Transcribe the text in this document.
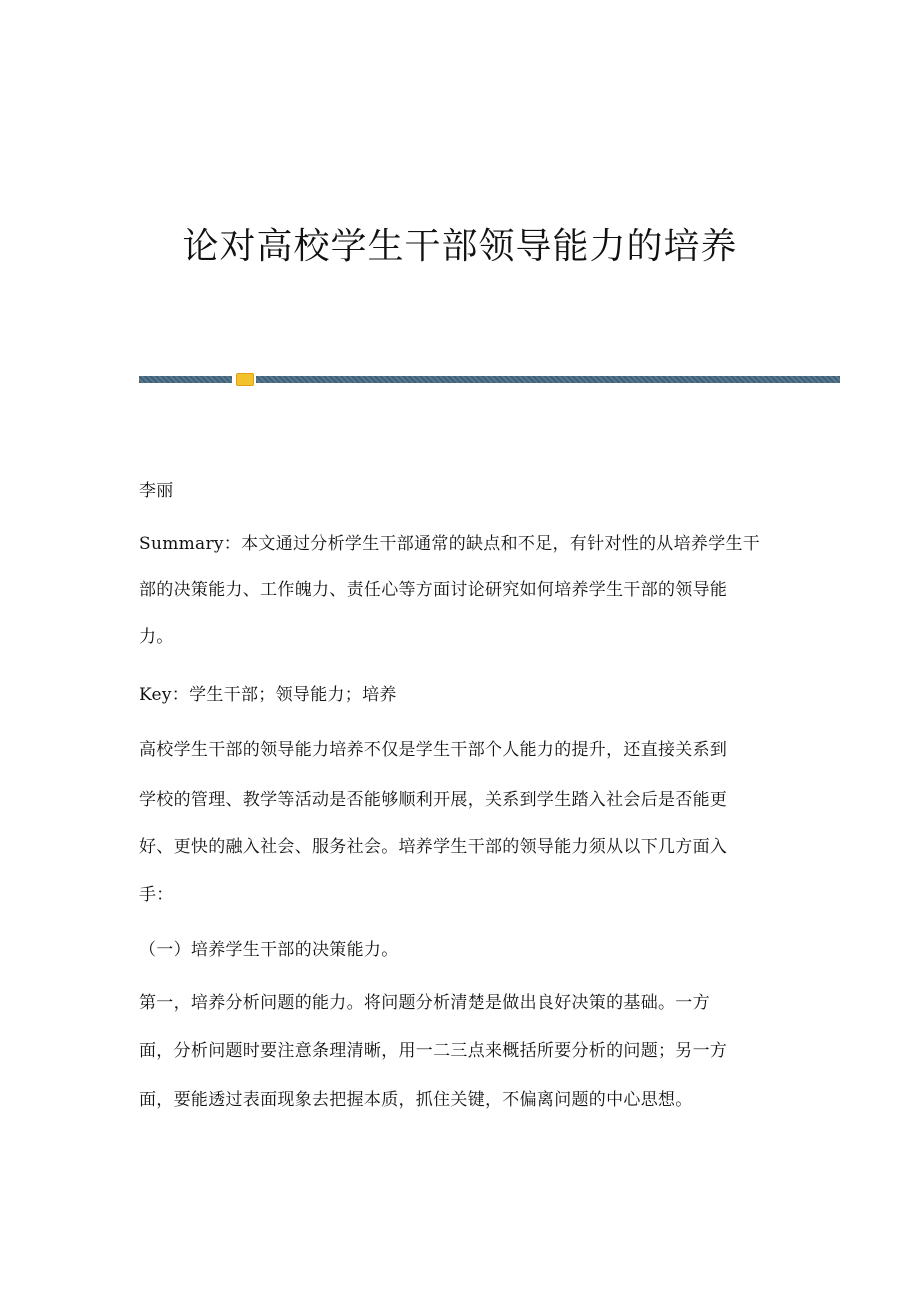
论对高校学生干部领导能力的培养
李丽
Summary：本文通过分析学生干部通常的缺点和不足，有针对性的从培养学生干
部的决策能力、工作魄力、责任心等方面讨论研究如何培养学生干部的领导能
力。
Key：学生干部；领导能力；培养
高校学生干部的领导能力培养不仅是学生干部个人能力的提升，还直接关系到
学校的管理、教学等活动是否能够顺利开展，关系到学生踏入社会后是否能更
好、更快的融入社会、服务社会。培养学生干部的领导能力须从以下几方面入
手：
（一）培养学生干部的决策能力。
第一，培养分析问题的能力。将问题分析清楚是做出良好决策的基础。一方
面，分析问题时要注意条理清晰，用一二三点来概括所要分析的问题；另一方
面，要能透过表面现象去把握本质，抓住关键，不偏离问题的中心思想。
